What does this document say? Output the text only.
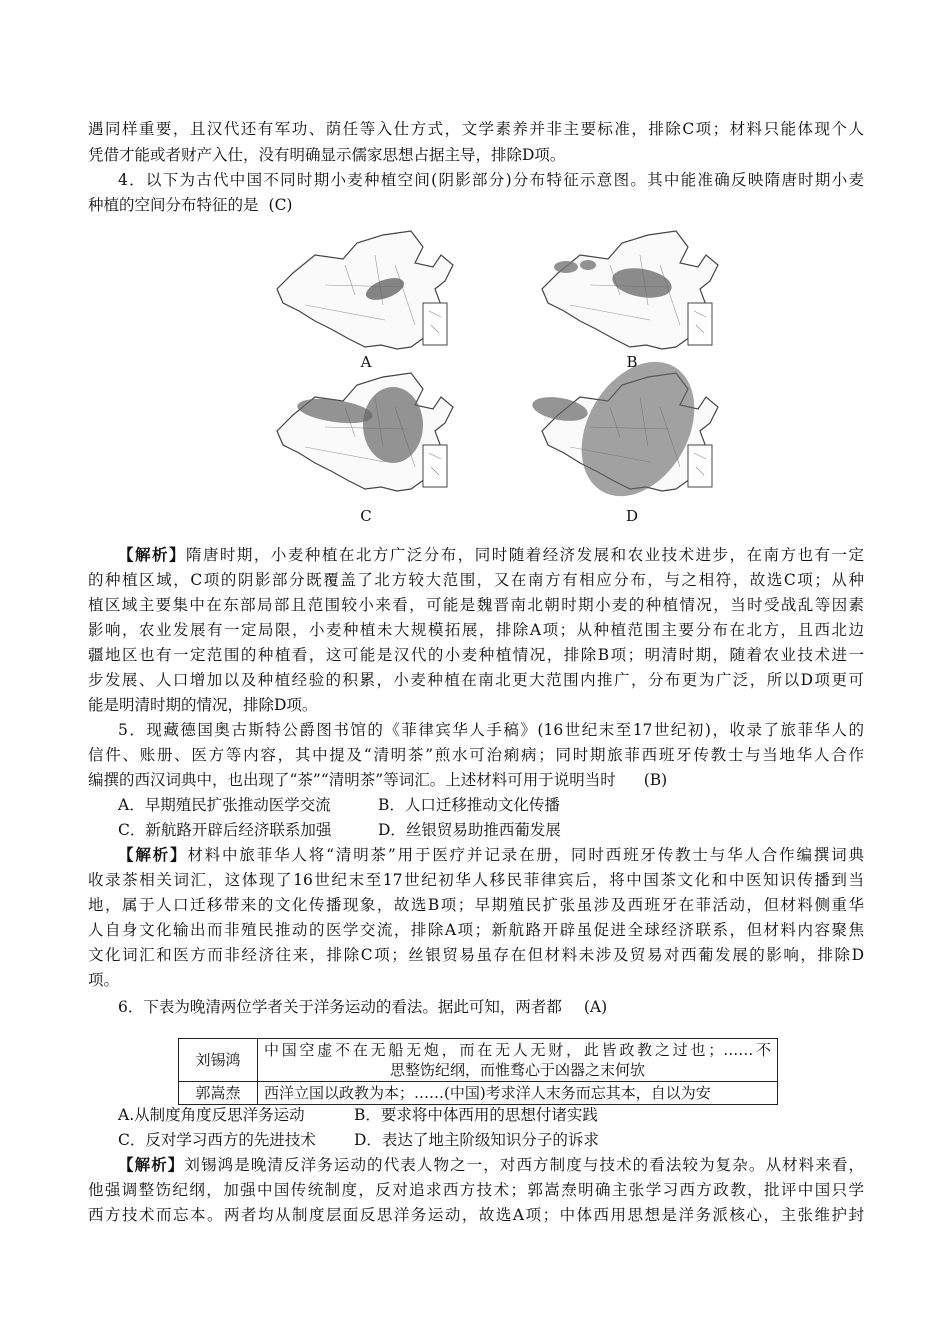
遇同样重要，且汉代还有军功、荫任等入仕方式，文学素养并非主要标准，排除C项；材料只能体现个人
凭借才能或者财产入仕，没有明确显示儒家思想占据主导，排除D项。
4．以下为古代中国不同时期小麦种植空间(阴影部分)分布特征示意图。其中能准确反映隋唐时期小麦
种植的空间分布特征的是 (C)
A	B
C	D
【解析】隋唐时期，小麦种植在北方广泛分布，同时随着经济发展和农业技术进步，在南方也有一定
的种植区域，C项的阴影部分既覆盖了北方较大范围，又在南方有相应分布，与之相符，故选C项；从种
植区域主要集中在东部局部且范围较小来看，可能是魏晋南北朝时期小麦的种植情况，当时受战乱等因素
影响，农业发展有一定局限，小麦种植未大规模拓展，排除A项；从种植范围主要分布在北方，且西北边
疆地区也有一定范围的种植看，这可能是汉代的小麦种植情况，排除B项；明清时期，随着农业技术进一
步发展、人口增加以及种植经验的积累，小麦种植在南北更大范围内推广，分布更为广泛，所以D项更可
能是明清时期的情况，排除D项。
5．现藏德国奥古斯特公爵图书馆的《菲律宾华人手稿》(16世纪末至17世纪初)，收录了旅菲华人的
信件、账册、医方等内容，其中提及“清明茶”煎水可治痢病；同时期旅菲西班牙传教士与当地华人合作
编撰的西汉词典中，也出现了“茶”“清明茶”等词汇。上述材料可用于说明当时 (B)
A．早期殖民扩张推动医学交流	B．人口迁移推动文化传播
C．新航路开辟后经济联系加强	D．丝银贸易助推西葡发展
【解析】材料中旅菲华人将“清明茶”用于医疗并记录在册，同时西班牙传教士与华人合作编撰词典
收录茶相关词汇，这体现了16世纪末至17世纪初华人移民菲律宾后，将中国茶文化和中医知识传播到当
地，属于人口迁移带来的文化传播现象，故选B项；早期殖民扩张虽涉及西班牙在菲活动，但材料侧重华
人自身文化输出而非殖民推动的医学交流，排除A项；新航路开辟虽促进全球经济联系，但材料内容聚焦
文化词汇和医方而非经济往来，排除C项；丝银贸易虽存在但材料未涉及贸易对西葡发展的影响，排除D
项。
6．下表为晚清两位学者关于洋务运动的看法。据此可知，两者都 (A)
刘锡鸿	中国空虚不在无船无炮，而在无人无财，此皆政教之过也；……不
思整饬纪纲，而惟骛心于凶器之末何欤

郭嵩焘	西洋立国以政教为本；……(中国)考求洋人末务而忘其本，自以为安
A.从制度角度反思洋务运动	B．要求将中体西用的思想付诸实践
C．反对学习西方的先进技术 D．表达了地主阶级知识分子的诉求
【解析】刘锡鸿是晚清反洋务运动的代表人物之一，对西方制度与技术的看法较为复杂。从材料来看，
他强调整饬纪纲，加强中国传统制度，反对追求西方技术；郭嵩焘明确主张学习西方政教，批评中国只学
西方技术而忘本。两者均从制度层面反思洋务运动，故选A项；中体西用思想是洋务派核心，主张维护封
